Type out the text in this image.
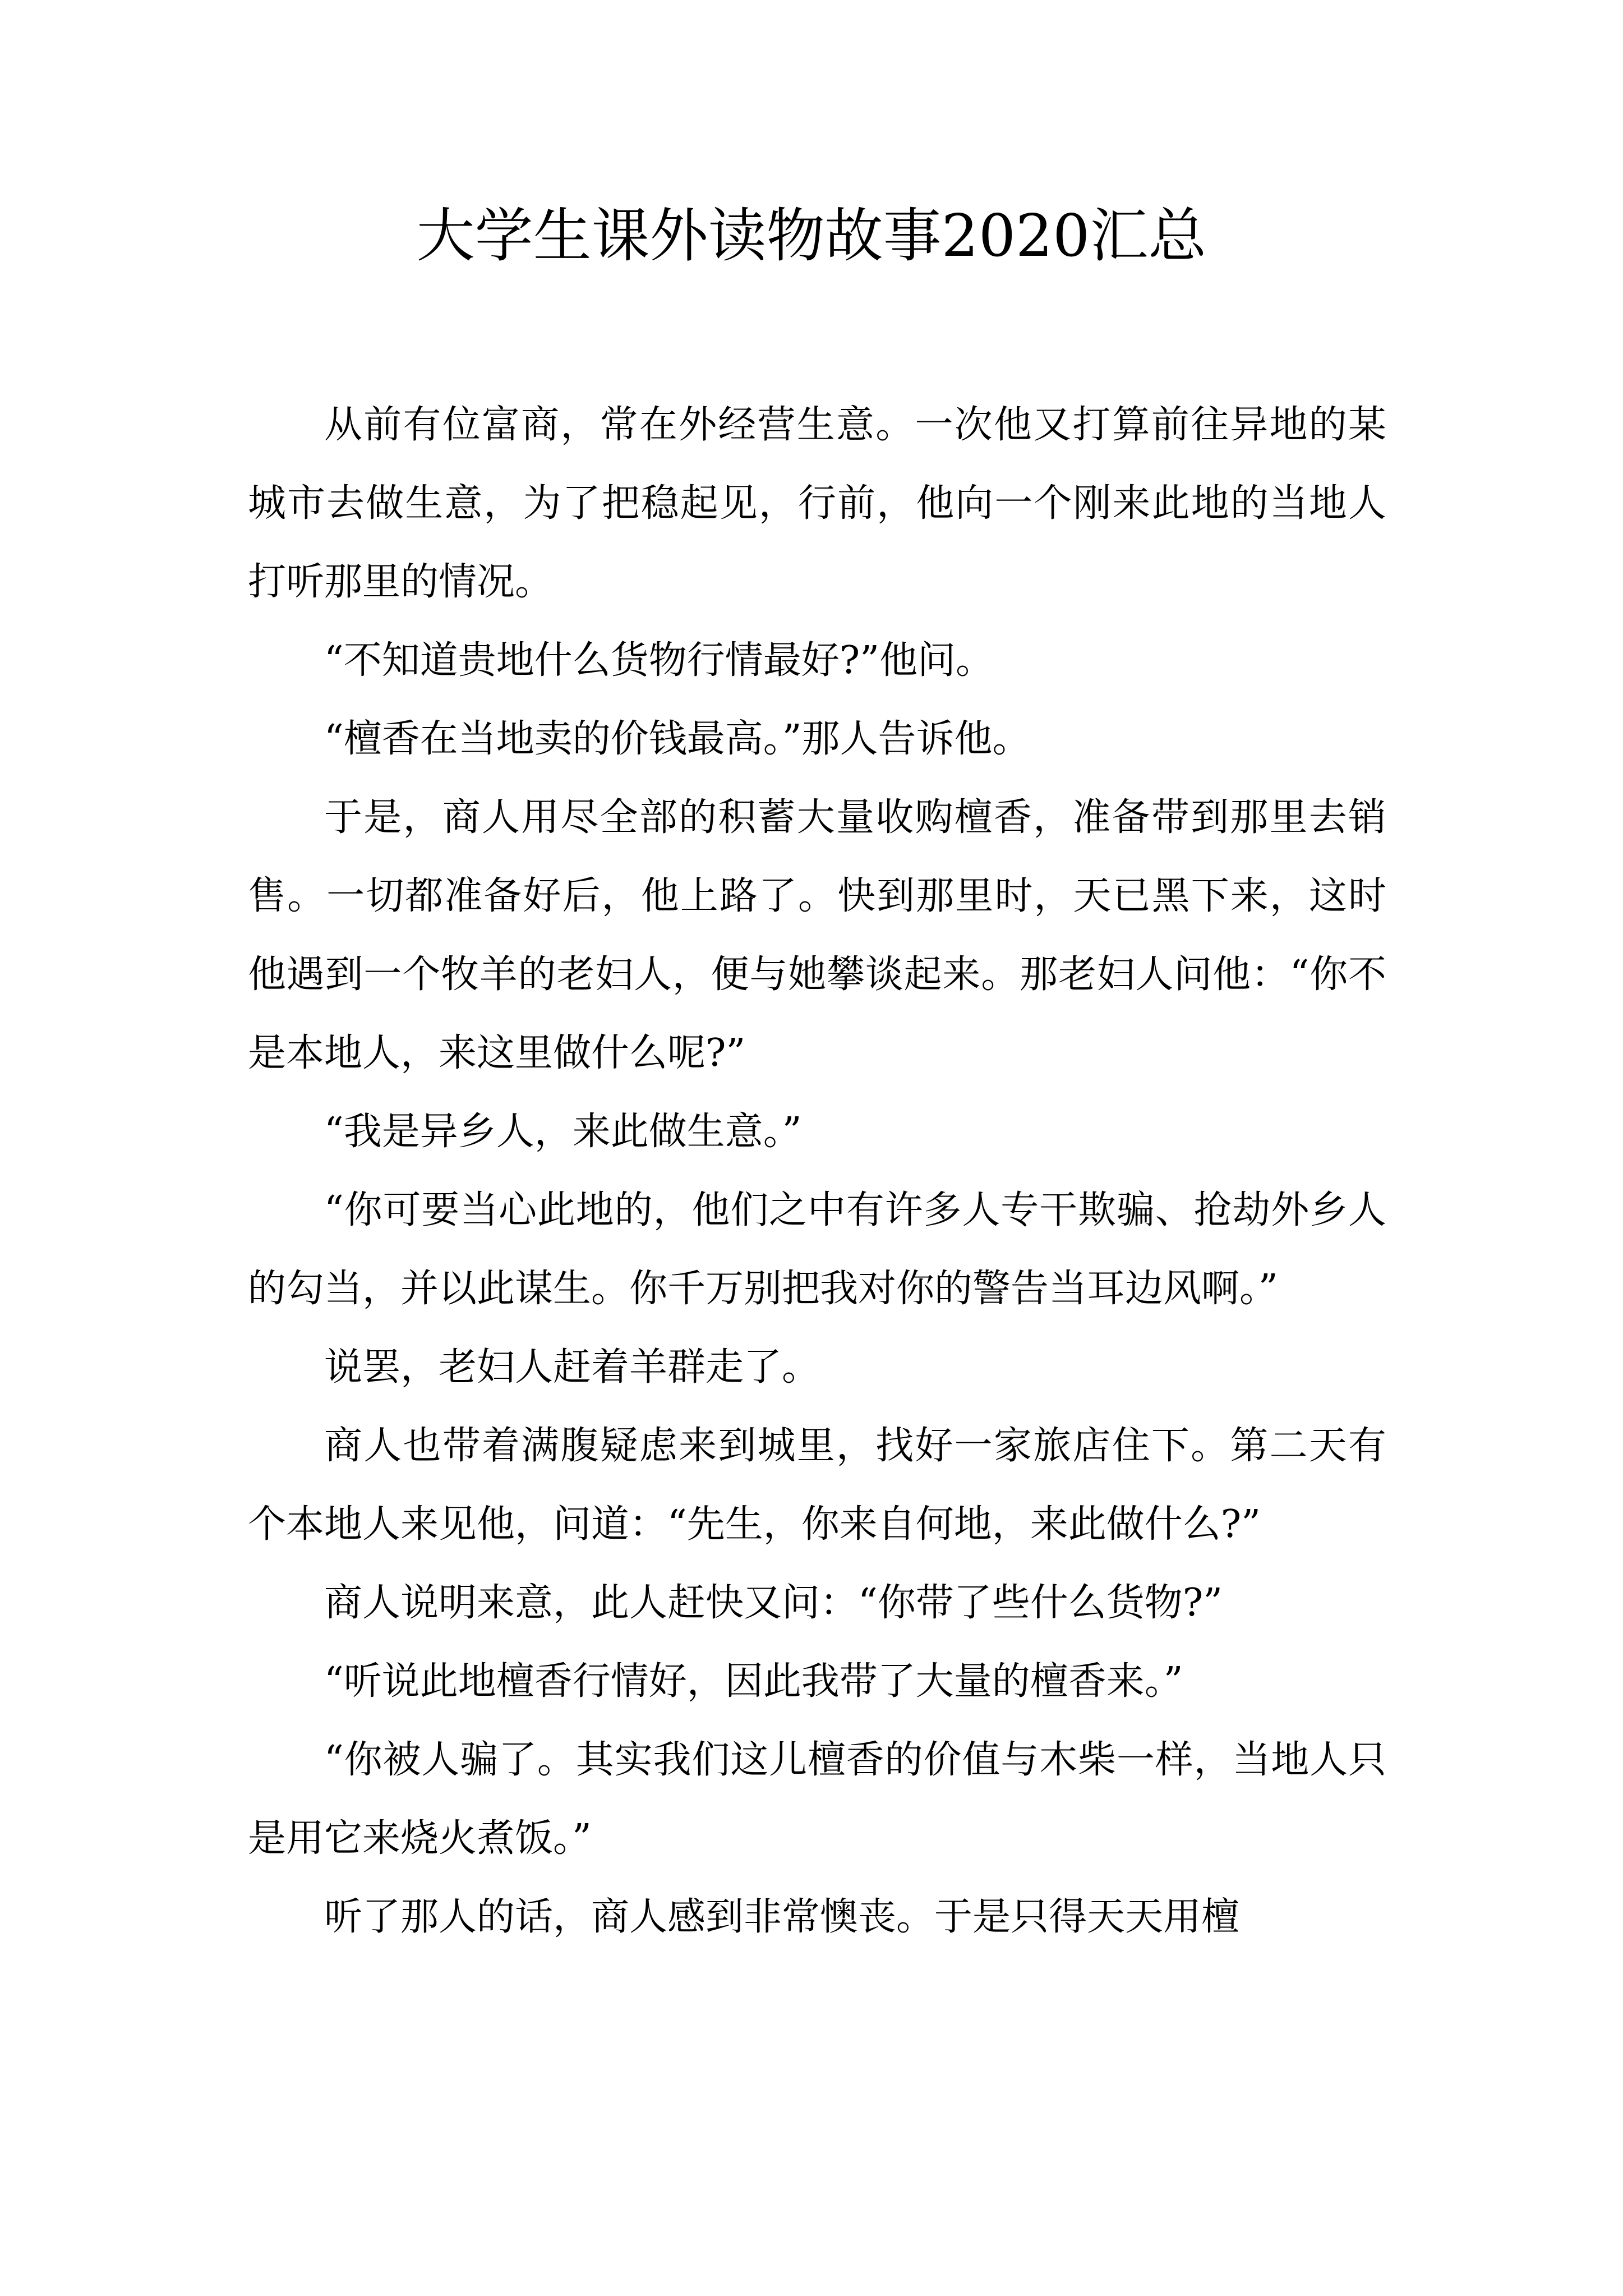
大学生课外读物故事2020汇总

从前有位富商，常在外经营生意。一次他又打算前往异地的某城市去做生意，为了把稳起见，行前，他向一个刚来此地的当地人打听那里的情况。

“不知道贵地什么货物行情最好?”他问。

“檀香在当地卖的价钱最高。”那人告诉他。

于是，商人用尽全部的积蓄大量收购檀香，准备带到那里去销售。一切都准备好后，他上路了。快到那里时，天已黑下来，这时他遇到一个牧羊的老妇人，便与她攀谈起来。那老妇人问他：“你不是本地人，来这里做什么呢?”

“我是异乡人，来此做生意。”

“你可要当心此地的，他们之中有许多人专干欺骗、抢劫外乡人的勾当，并以此谋生。你千万别把我对你的警告当耳边风啊。”

说罢，老妇人赶着羊群走了。

商人也带着满腹疑虑来到城里，找好一家旅店住下。第二天有个本地人来见他，问道：“先生，你来自何地，来此做什么?”

商人说明来意，此人赶快又问：“你带了些什么货物?”

“听说此地檀香行情好，因此我带了大量的檀香来。”

“你被人骗了。其实我们这儿檀香的价值与木柴一样，当地人只是用它来烧火煮饭。”

听了那人的话，商人感到非常懊丧。于是只得天天用檀
